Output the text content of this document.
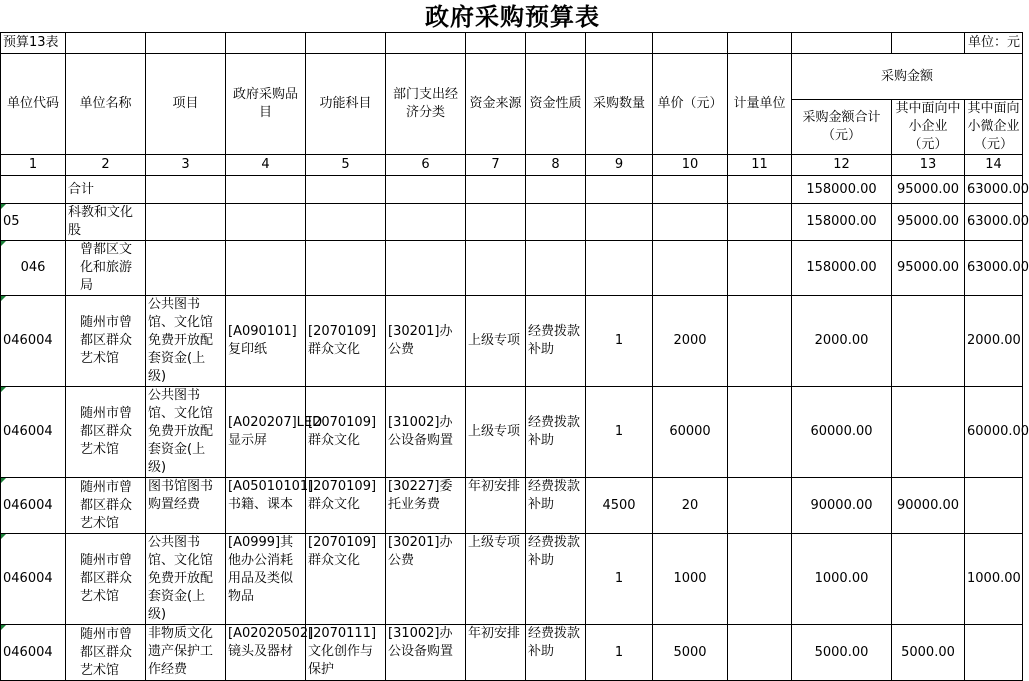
政府采购预算表
预算13表													单位：元
单位代码	单位名称	项目	政府采购品目	功能科目	部门支出经济分类	资金来源	资金性质	采购数量	单价（元）	计量单位	采购金额		
											采购金额合计（元）	其中面向中小企业（元）	其中面向小微企业（元）
1	2	3	4	5	6	7	8	9	10	11	12	13	14
	合计										158000.00	95000.00	63000.00
05	科教和文化股										158000.00	95000.00	63000.00
046	曾都区文化和旅游局										158000.00	95000.00	63000.00
046004	随州市曾都区群众艺术馆	公共图书馆、文化馆免费开放配套资金(上级)	[A090101]复印纸	[2070109]群众文化	[30201]办公费	上级专项	经费拨款补助	1	2000		2000.00		2000.00
046004	随州市曾都区群众艺术馆	公共图书馆、文化馆免费开放配套资金(上级)	[A020207]LED显示屏	[2070109]群众文化	[31002]办公设备购置	上级专项	经费拨款补助	1	60000		60000.00		60000.00
046004	随州市曾都区群众艺术馆	图书馆图书购置经费	[A05010101]书籍、课本	[2070109]群众文化	[30227]委托业务费	年初安排	经费拨款补助	4500	20		90000.00	90000.00	
046004	随州市曾都区群众艺术馆	公共图书馆、文化馆免费开放配套资金(上级)	[A0999]其他办公消耗用品及类似物品	[2070109]群众文化	[30201]办公费	上级专项	经费拨款补助	1	1000		1000.00		1000.00
046004	随州市曾都区群众艺术馆	非物质文化遗产保护工作经费	[A02020502]镜头及器材	[2070111]文化创作与保护	[31002]办公设备购置	年初安排	经费拨款补助	1	5000		5000.00	5000.00	
